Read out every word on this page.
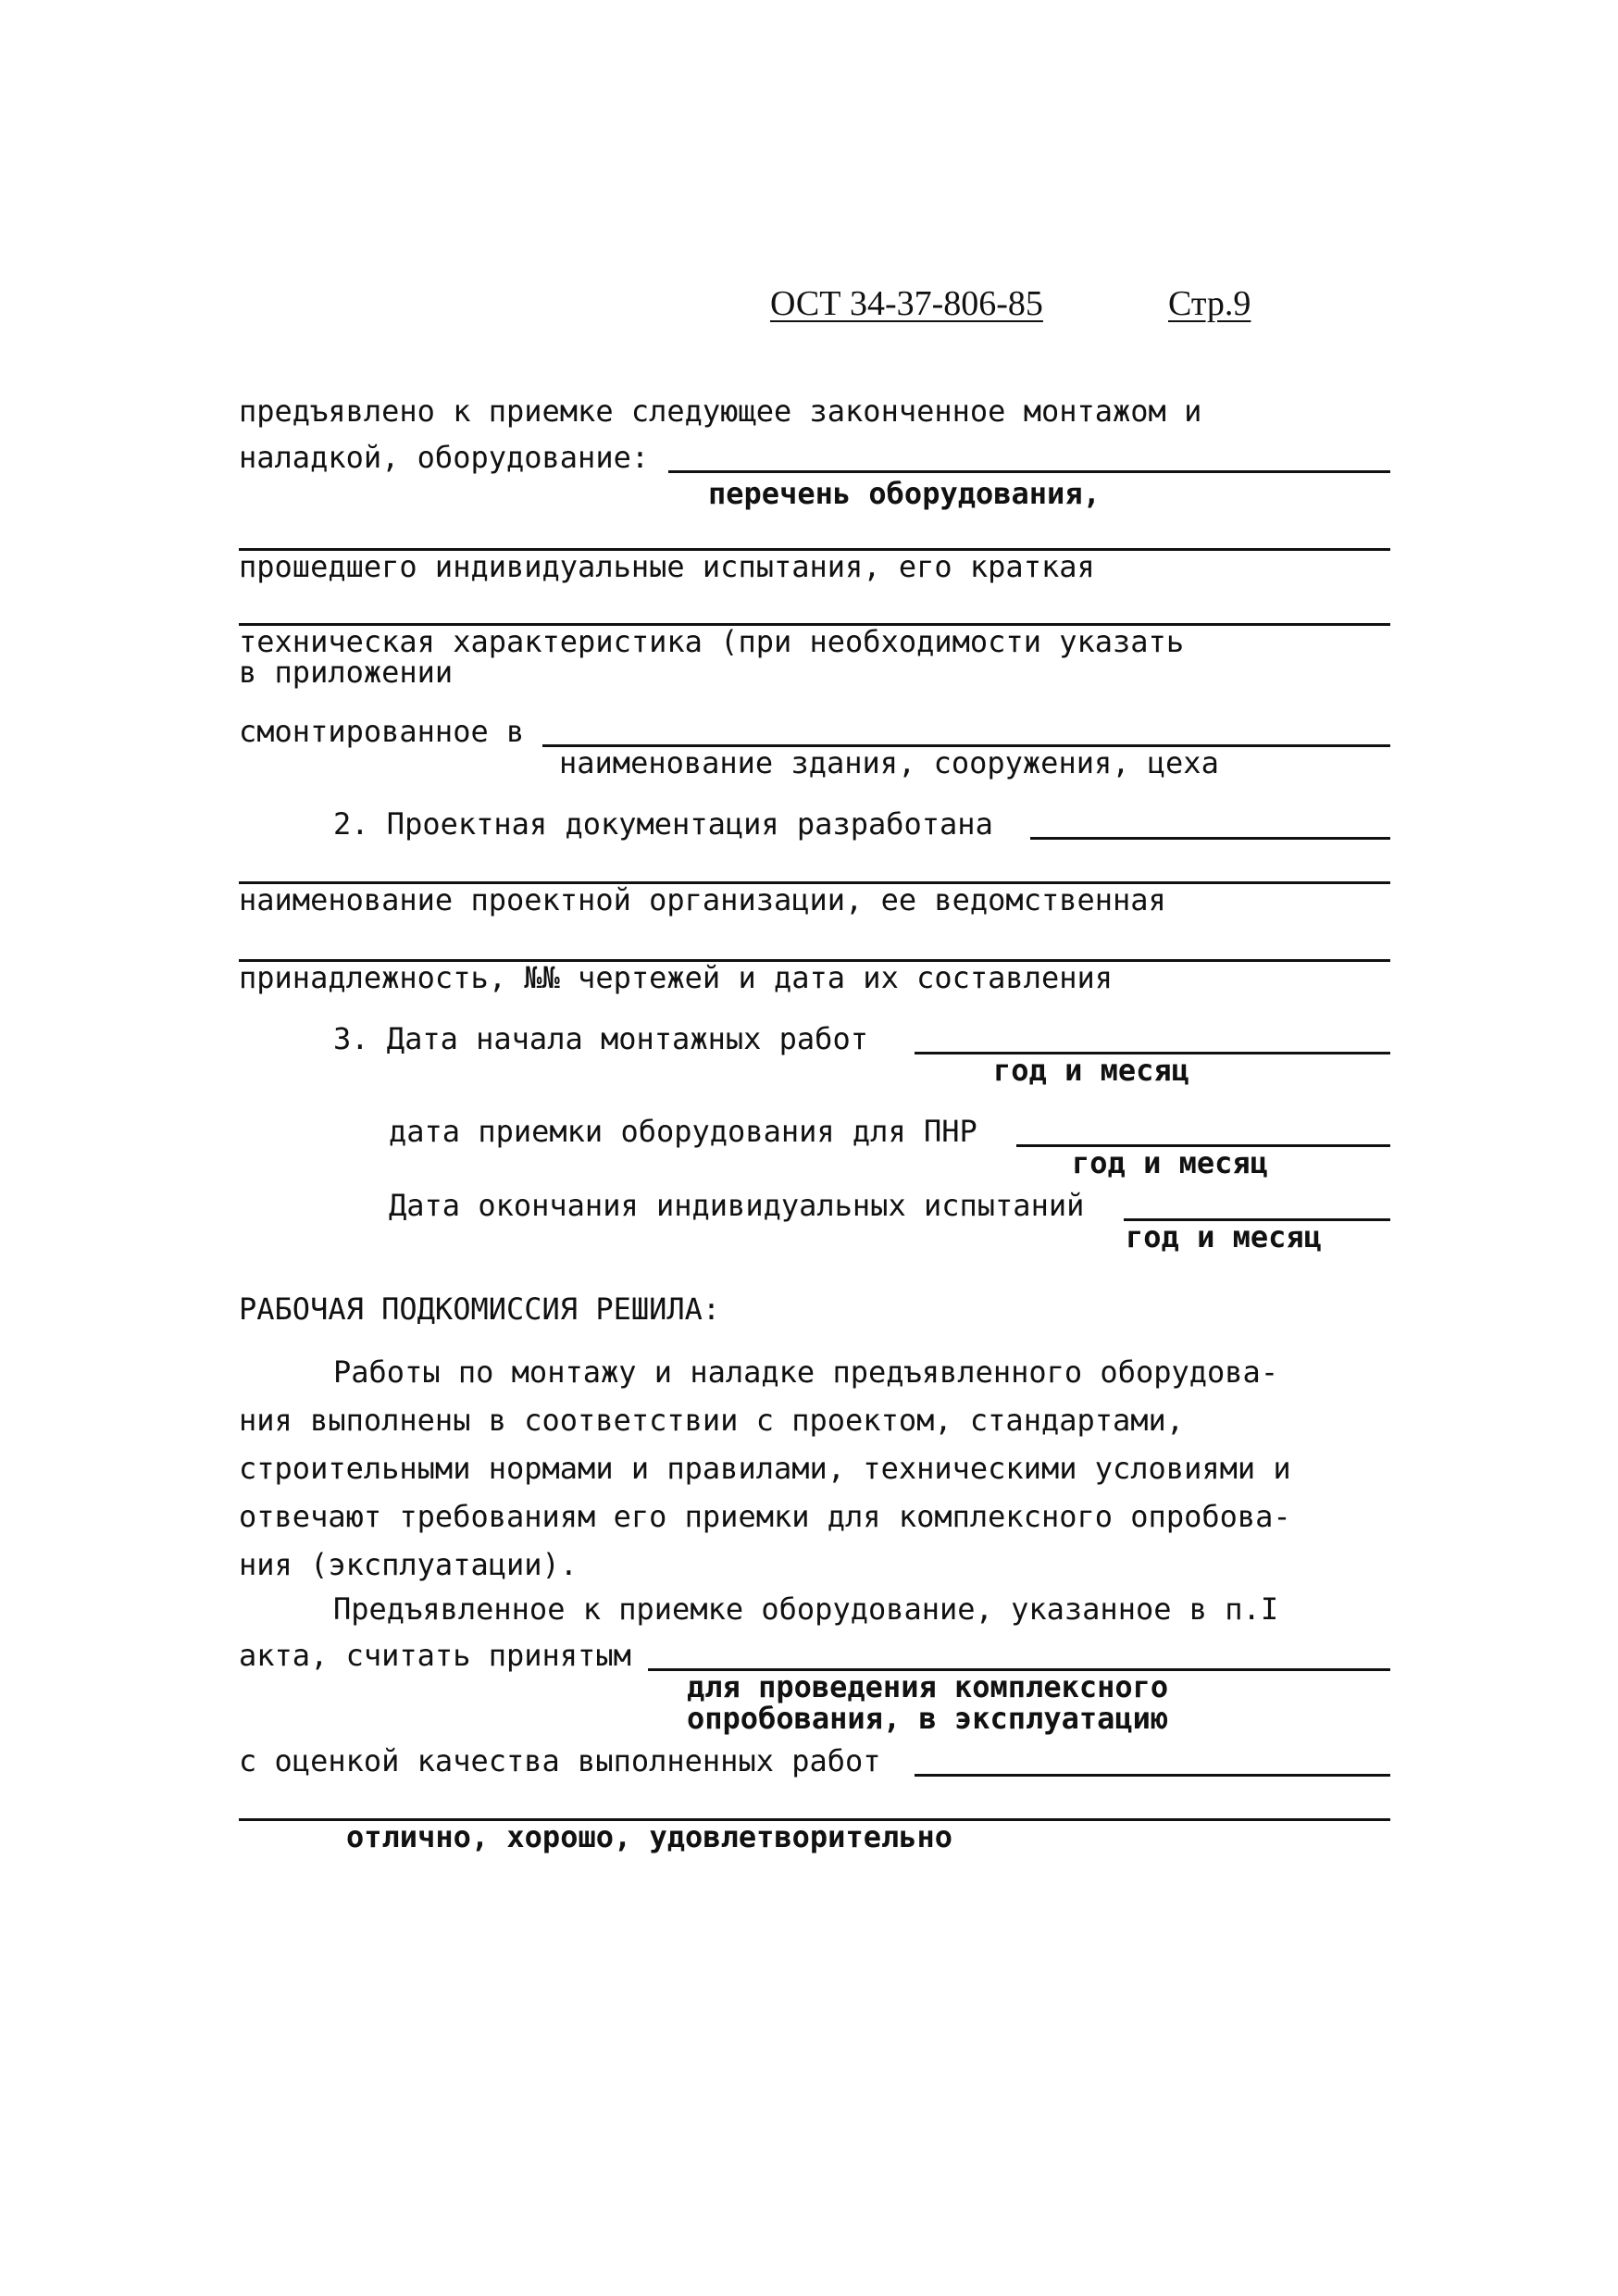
ОСТ 34-37-806-85	Стр.9
предъявлено к приемке следующее законченное монтажом и
наладкой, оборудование:
перечень оборудования,
прошедшего индивидуальные испытания, его краткая
техническая характеристика (при необходимости указать
в приложении
смонтированное в
наименование здания, сооружения, цеха
2. Проектная документация разработана
наименование проектной организации, ее ведомственная
принадлежность, №№ чертежей и дата их составления
3. Дата начала монтажных работ
год и месяц
дата приемки оборудования для ПНР
год и месяц
Дата окончания индивидуальных испытаний
год и месяц
РАБОЧАЯ ПОДКОМИССИЯ РЕШИЛА:
Работы по монтажу и наладке предъявленного оборудова-
ния выполнены в соответствии с проектом, стандартами,
строительными нормами и правилами, техническими условиями и
отвечают требованиям его приемки для комплексного опробова-
ния (эксплуатации).
Предъявленное к приемке оборудование, указанное в п.I
акта, считать принятым
для проведения комплексного
опробования, в эксплуатацию
с оценкой качества выполненных работ
отлично, хорошо, удовлетворительно
